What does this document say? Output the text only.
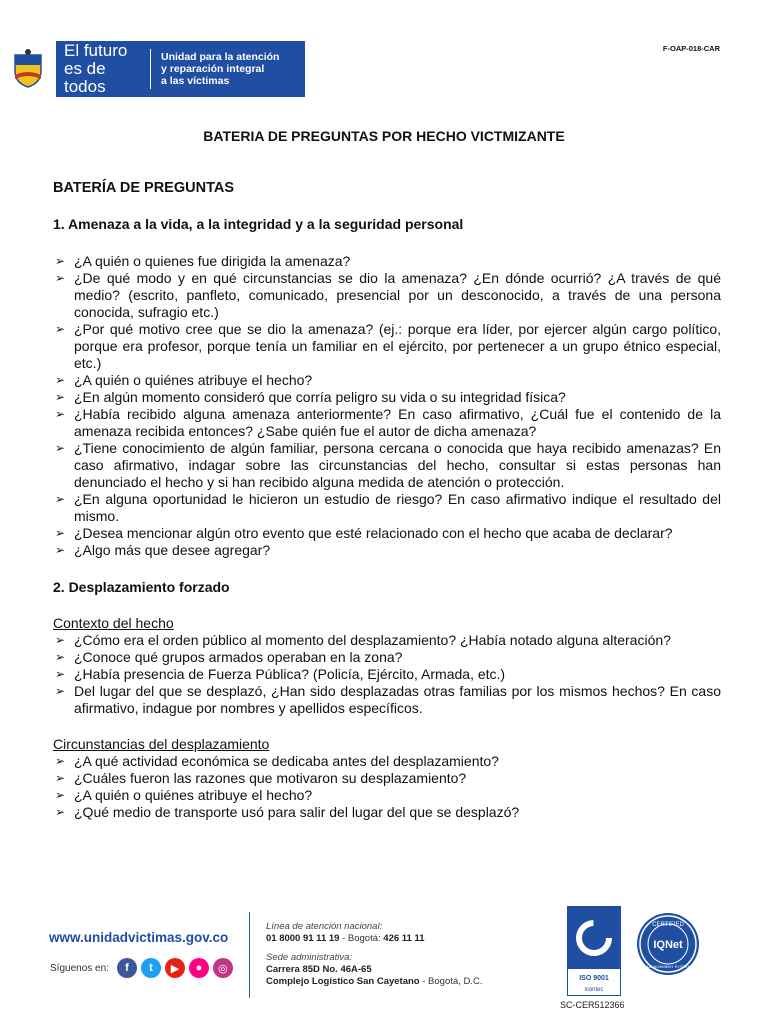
El futuro
es de todos
Unidad para la atención
y reparación integral
a las víctimas
F-OAP-018-CAR
BATERIA DE PREGUNTAS POR HECHO VICTMIZANTE
BATERÍA DE PREGUNTAS
1. Amenaza a la vida, a la integridad y a la seguridad personal
➢ ¿A quién o quienes fue dirigida la amenaza?
➢ ¿De qué modo y en qué circunstancias se dio la amenaza? ¿En dónde ocurrió? ¿A través de qué medio? (escrito, panfleto, comunicado, presencial por un desconocido, a través de una persona conocida, sufragio etc.)
➢ ¿Por qué motivo cree que se dio la amenaza? (ej.: porque era líder, por ejercer algún cargo político, porque era profesor, porque tenía un familiar en el ejército, por pertenecer a un grupo étnico especial, etc.)
➢ ¿A quién o quiénes atribuye el hecho?
➢ ¿En algún momento consideró que corría peligro su vida o su integridad física?
➢ ¿Había recibido alguna amenaza anteriormente? En caso afirmativo, ¿Cuál fue el contenido de la amenaza recibida entonces? ¿Sabe quién fue el autor de dicha amenaza?
➢ ¿Tiene conocimiento de algún familiar, persona cercana o conocida que haya recibido amenazas? En caso afirmativo, indagar sobre las circunstancias del hecho, consultar si estas personas han denunciado el hecho y si han recibido alguna medida de atención o protección.
➢ ¿En alguna oportunidad le hicieron un estudio de riesgo? En caso afirmativo indique el resultado del mismo.
➢ ¿Desea mencionar algún otro evento que esté relacionado con el hecho que acaba de declarar?
➢ ¿Algo más que desee agregar?
2. Desplazamiento forzado
Contexto del hecho
➢ ¿Cómo era el orden público al momento del desplazamiento? ¿Había notado alguna alteración?
➢ ¿Conoce qué grupos armados operaban en la zona?
➢ ¿Había presencia de Fuerza Pública? (Policía, Ejército, Armada, etc.)
➢ Del lugar del que se desplazó, ¿Han sido desplazadas otras familias por los mismos hechos? En caso afirmativo, indague por nombres y apellidos específicos.
Circunstancias del desplazamiento
➢ ¿A qué actividad económica se dedicaba antes del desplazamiento?
➢ ¿Cuáles fueron las razones que motivaron su desplazamiento?
➢ ¿A quién o quiénes atribuye el hecho?
➢ ¿Qué medio de transporte usó para salir del lugar del que se desplazó?
www.unidadvictimas.gov.co
Síguenos en:	f	t	▶	●	◎
Línea de atención nacional:
01 8000 91 11 19 - Bogotá: 426 11 11
Sede administrativa:
Carrera 85D No. 46A-65
Complejo Logístico San Cayetano - Bogotá, D.C.	ISO 9001
icontec
CERTIFIED
IQNet
MANAGEMENT SYSTEM
SC-CER512366
